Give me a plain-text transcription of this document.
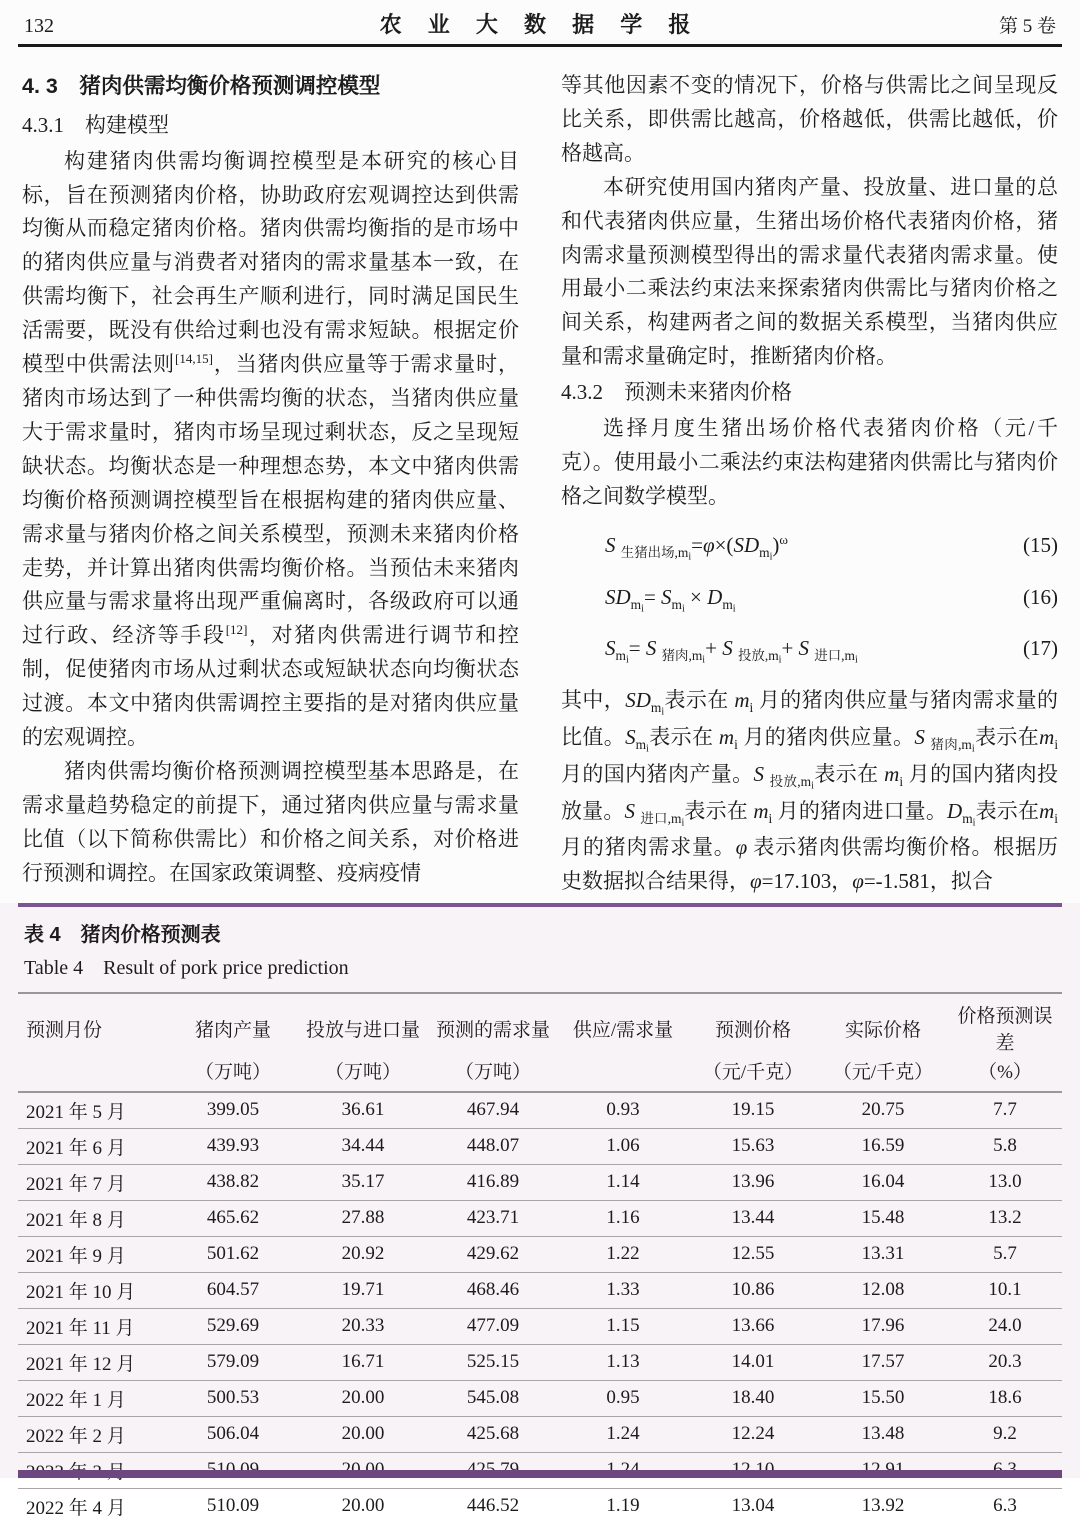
132	农 业 大 数 据 学 报	第 5 卷
4. 3　猪肉供需均衡价格预测调控模型
4.3.1　构建模型

构建猪肉供需均衡调控模型是本研究的核心目标，旨在预测猪肉价格，协助政府宏观调控达到供需均衡从而稳定猪肉价格。猪肉供需均衡指的是市场中的猪肉供应量与消费者对猪肉的需求量基本一致，在供需均衡下，社会再生产顺利进行，同时满足国民生活需要，既没有供给过剩也没有需求短缺。根据定价模型中供需法则[14,15]，当猪肉供应量等于需求量时，猪肉市场达到了一种供需均衡的状态，当猪肉供应量大于需求量时，猪肉市场呈现过剩状态，反之呈现短缺状态。均衡状态是一种理想态势，本文中猪肉供需均衡价格预测调控模型旨在根据构建的猪肉供应量、需求量与猪肉价格之间关系模型，预测未来猪肉价格走势，并计算出猪肉供需均衡价格。当预估未来猪肉供应量与需求量将出现严重偏离时，各级政府可以通过行政、经济等手段[12]，对猪肉供需进行调节和控制，促使猪肉市场从过剩状态或短缺状态向均衡状态过渡。本文中猪肉供需调控主要指的是对猪肉供应量的宏观调控。

猪肉供需均衡价格预测调控模型基本思路是，在需求量趋势稳定的前提下，通过猪肉供应量与需求量比值（以下简称供需比）和价格之间关系，对价格进行预测和调控。在国家政策调整、疫病疫情

等其他因素不变的情况下，价格与供需比之间呈现反比关系，即供需比越高，价格越低，供需比越低，价格越高。

本研究使用国内猪肉产量、投放量、进口量的总和代表猪肉供应量，生猪出场价格代表猪肉价格，猪肉需求量预测模型得出的需求量代表猪肉需求量。使用最小二乘法约束法来探索猪肉供需比与猪肉价格之间关系，构建两者之间的数据关系模型，当猪肉供应量和需求量确定时，推断猪肉价格。

4.3.2　预测未来猪肉价格

选择月度生猪出场价格代表猪肉价格（元/千克）。使用最小二乘法约束法构建猪肉供需比与猪肉价格之间数学模型。

S $_{生猪出场,mi}=\varphi\times(SD_{mi})^\omega$	(15)
$SD_{mi}= S_{mi} \times D_{mi}$
(16)
$S_{mi}= S$ $_{猪肉,mi}$+ S $_{投放,mi}$+ S $_{进口,mi}$
(17)

其中，$SD_{mi}$表示在 $m_i$ 月的猪肉供应量与猪肉需求量的比值。$S_{mi}$表示在 $m_i$ 月的猪肉供应量。S $_{猪肉,mi}$表示在$m_i$月的国内猪肉产量。S $_{投放,mi}$表示在 $m_i$ 月的国内猪肉投放量。S $_{进口,mi}$表示在 $m_i$ 月的猪肉进口量。$D_{mi}$表示在$m_i$月的猪肉需求量。φ 表示猪肉供需均衡价格。根据历史数据拟合结果得，φ=17.103，φ=-1.581，拟合

表 4　猪肉价格预测表
Table 4　Result of pork price prediction
预测月份	猪肉产量	投放与进口量	预测的需求量	供应/需求量	预测价格	实际价格	价格预测误差
	（万吨）	（万吨）	（万吨）		（元/千克）	（元/千克）	（%）
2021 年 5 月	399.05	36.61	467.94	0.93	19.15	20.75	7.7
2021 年 6 月	439.93	34.44	448.07	1.06	15.63	16.59	5.8
2021 年 7 月	438.82	35.17	416.89	1.14	13.96	16.04	13.0
2021 年 8 月	465.62	27.88	423.71	1.16	13.44	15.48	13.2
2021 年 9 月	501.62	20.92	429.62	1.22	12.55	13.31	5.7
2021 年 10 月	604.57	19.71	468.46	1.33	10.86	12.08	10.1
2021 年 11 月	529.69	20.33	477.09	1.15	13.66	17.96	24.0
2021 年 12 月	579.09	16.71	525.15	1.13	14.01	17.57	20.3
2022 年 1 月	500.53	20.00	545.08	0.95	18.40	15.50	18.6
2022 年 2 月	506.04	20.00	425.68	1.24	12.24	13.48	9.2

2022 年 4 月	510.09	20.00	446.52	1.19	13.04	13.92	6.3
